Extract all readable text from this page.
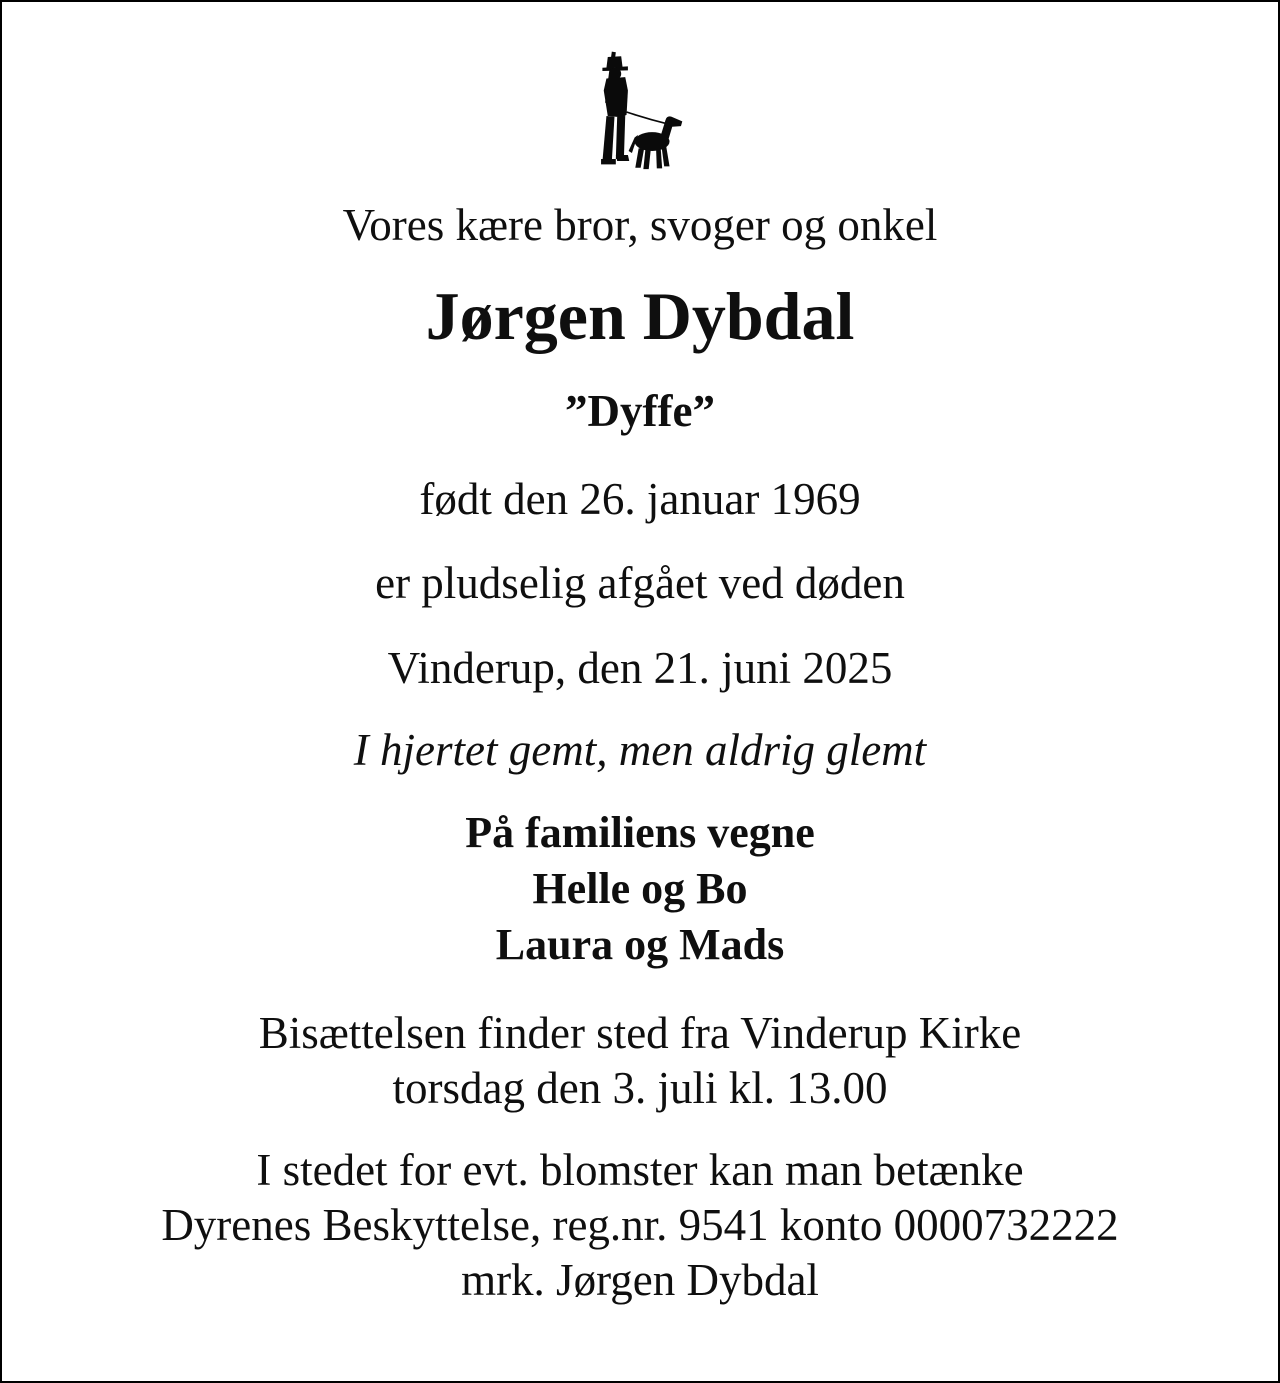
Vores kære bror, svoger og onkel
Jørgen Dybdal
”Dyffe”
født den 26. januar 1969
er pludselig afgået ved døden
Vinderup, den 21. juni 2025
I hjertet gemt, men aldrig glemt
På familiens vegne
Helle og Bo
Laura og Mads
Bisættelsen finder sted fra Vinderup Kirke
torsdag den 3. juli kl. 13.00
I stedet for evt. blomster kan man betænke
Dyrenes Beskyttelse, reg.nr. 9541 konto 0000732222
mrk. Jørgen Dybdal
